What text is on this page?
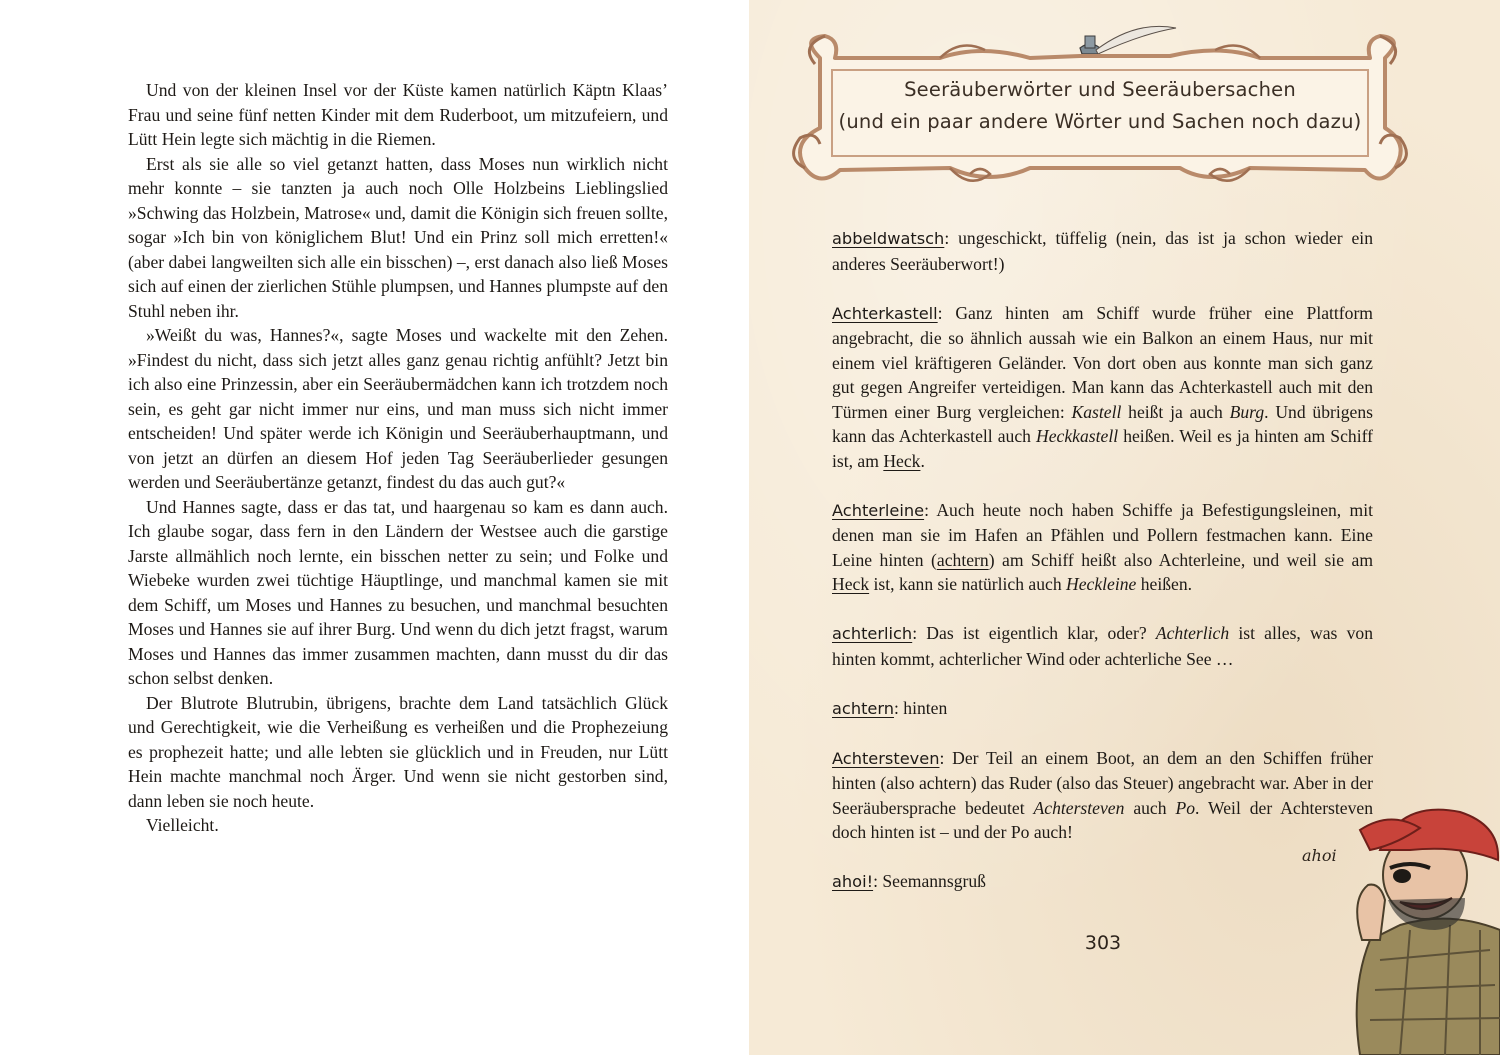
Und von der kleinen Insel vor der Küste kamen natürlich Käptn Klaas’ Frau und seine fünf netten Kinder mit dem Ruderboot, um mitzufeiern, und Lütt Hein legte sich mächtig in die Riemen.

Erst als sie alle so viel getanzt hatten, dass Moses nun wirklich nicht mehr konnte – sie tanzten ja auch noch Olle Holzbeins Lieblingslied »Schwing das Holzbein, Matrose« und, damit die Königin sich freuen sollte, sogar »Ich bin von königlichem Blut! Und ein Prinz soll mich erretten!« (aber dabei langweilten sich alle ein bisschen) –, erst danach also ließ Moses sich auf einen der zierlichen Stühle plumpsen, und Hannes plumpste auf den Stuhl neben ihr.

»Weißt du was, Hannes?«, sagte Moses und wackelte mit den Zehen. »Findest du nicht, dass sich jetzt alles ganz genau richtig anfühlt? Jetzt bin ich also eine Prinzessin, aber ein Seeräubermädchen kann ich trotzdem noch sein, es geht gar nicht immer nur eins, und man muss sich nicht immer entscheiden! Und später werde ich Königin und Seeräuberhauptmann, und von jetzt an dürfen an diesem Hof jeden Tag Seeräuberlieder gesungen werden und Seeräubertänze getanzt, findest du das auch gut?«

Und Hannes sagte, dass er das tat, und haargenau so kam es dann auch. Ich glaube sogar, dass fern in den Ländern der Westsee auch die garstige Jarste allmählich noch lernte, ein bisschen netter zu sein; und Folke und Wiebeke wurden zwei tüchtige Häuptlinge, und manchmal kamen sie mit dem Schiff, um Moses und Hannes zu besuchen, und manchmal besuchten Moses und Hannes sie auf ihrer Burg. Und wenn du dich jetzt fragst, warum Moses und Hannes das immer zusammen machten, dann musst du dir das schon selbst denken.

Der Blutrote Blutrubin, übrigens, brachte dem Land tatsächlich Glück und Gerechtigkeit, wie die Verheißung es verheißen und die Prophezeiung es prophezeit hatte; und alle lebten sie glücklich und in Freuden, nur Lütt Hein machte manchmal noch Ärger. Und wenn sie nicht gestorben sind, dann leben sie noch heute.

Vielleicht.

Seeräuberwörter und Seeräubersachen
(und ein paar andere Wörter und Sachen noch dazu)

abbeldwatsch: ungeschickt, tüffelig (nein, das ist ja schon wieder ein anderes Seeräuberwort!)

Achterkastell: Ganz hinten am Schiff wurde früher eine Plattform angebracht, die so ähnlich aussah wie ein Balkon an einem Haus, nur mit einem viel kräftigeren Geländer. Von dort oben aus konnte man sich ganz gut gegen Angreifer verteidigen. Man kann das Achterkastell auch mit den Türmen einer Burg vergleichen: Kastell heißt ja auch Burg. Und übrigens kann das Achterkastell auch Heckkastell heißen. Weil es ja hinten am Schiff ist, am Heck.

Achterleine: Auch heute noch haben Schiffe ja Befestigungsleinen, mit denen man sie im Hafen an Pfählen und Pollern festmachen kann. Eine Leine hinten (achtern) am Schiff heißt also Achterleine, und weil sie am Heck ist, kann sie natürlich auch Heckleine heißen.

achterlich: Das ist eigentlich klar, oder? Achterlich ist alles, was von hinten kommt, achterlicher Wind oder achterliche See …

achtern: hinten

Achtersteven: Der Teil an einem Boot, an dem an den Schiffen früher hinten (also achtern) das Ruder (also das Steuer) angebracht war. Aber in der Seeräubersprache bedeutet Achtersteven auch Po. Weil der Achtersteven doch hinten ist – und der Po auch!

ahoi!: Seemannsgruß

ahoi
303
